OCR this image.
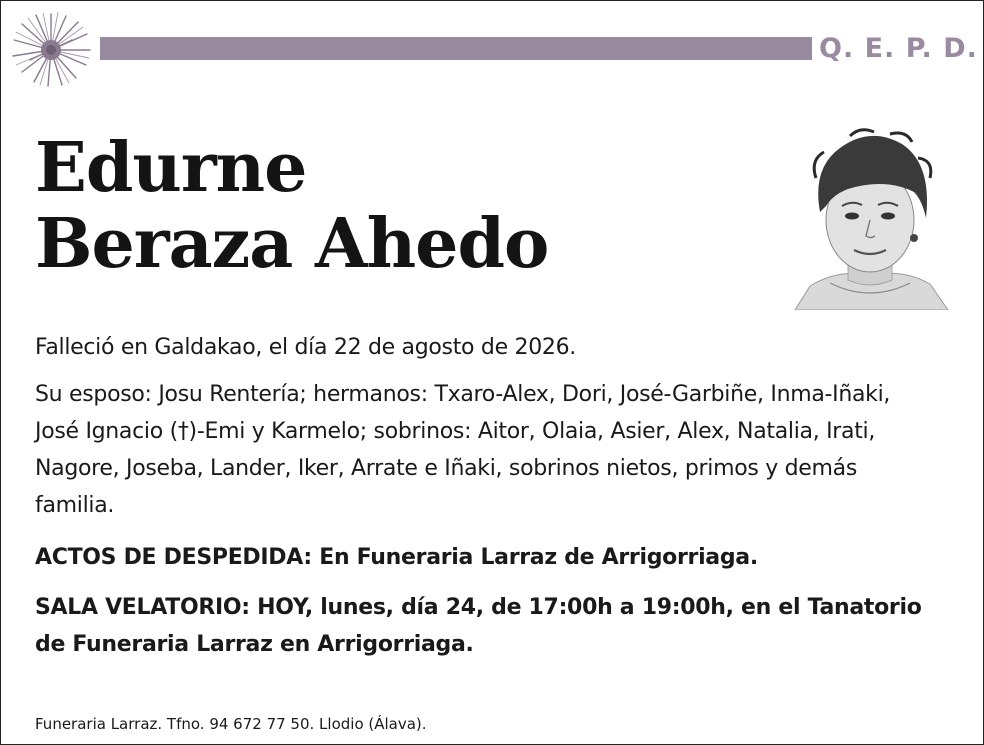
Q. E. P. D.
Edurne
Beraza Ahedo
Falleció en Galdakao, el día 22 de agosto de 2026.
Su esposo: Josu Rentería; hermanos: Txaro-Alex, Dori, José-Garbiñe, Inma-Iñaki, José Ignacio (†)-Emi y Karmelo; sobrinos: Aitor, Olaia, Asier, Alex, Natalia, Irati, Nagore, Joseba, Lander, Iker, Arrate e Iñaki, sobrinos nietos, primos y demás familia.
ACTOS DE DESPEDIDA: En Funeraria Larraz de Arrigorriaga.
SALA VELATORIO: HOY, lunes, día 24, de 17:00h a 19:00h, en el Tanatorio de Funeraria Larraz en Arrigorriaga.
Funeraria Larraz. Tfno. 94 672 77 50. Llodio (Álava).
